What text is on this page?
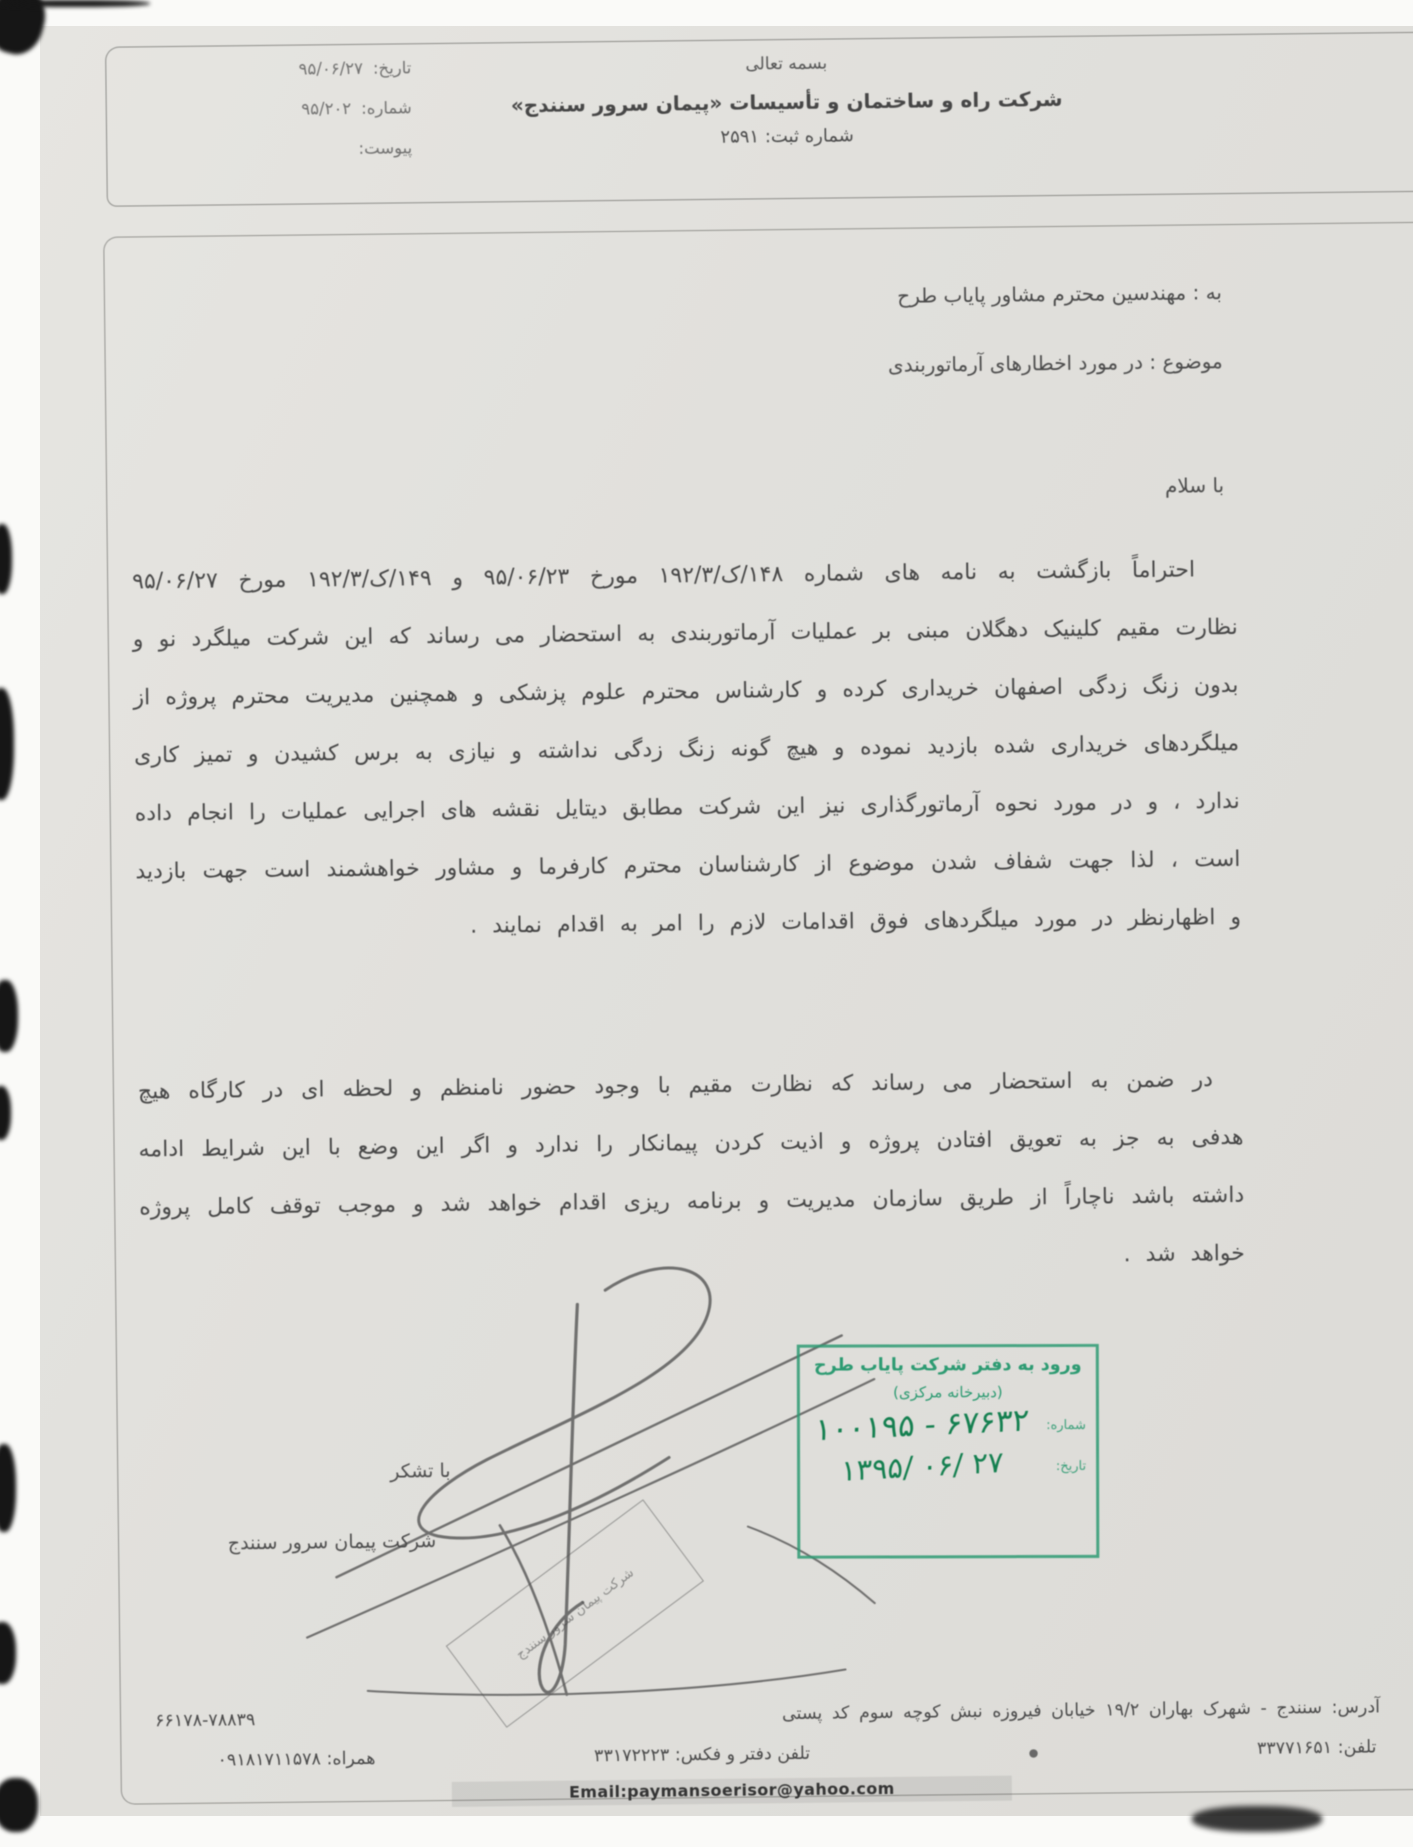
تاریخ:
۹۵/۰۶/۲۷
شماره:
۹۵/۲۰۲
پیوست:
بسمه تعالی
شرکت راه و ساختمان و تأسیسات «پیمان سرور سنندج»
شماره ثبت: ۲۵۹۱
به : مهندسین محترم مشاور پایاب طرح
موضوع : در مورد اخطارهای آرماتوربندی
با سلام
احتراماً بازگشت به نامه های شماره ۱۴۸/ک/۱۹۲/۳ مورخ ۹۵/۰۶/۲۳ و ۱۴۹/ک/۱۹۲/۳ مورخ ۹۵/۰۶/۲۷ نظارت مقیم کلینیک دهگلان مبنی بر عملیات آرماتوربندی به استحضار می رساند که این شرکت میلگرد نو و بدون زنگ زدگی اصفهان خریداری کرده و کارشناس محترم علوم پزشکی و همچنین مدیریت محترم پروژه از میلگردهای خریداری شده بازدید نموده و هیچ گونه زنگ زدگی نداشته و نیازی به برس کشیدن و تمیز کاری ندارد ، و در مورد نحوه آرماتورگذاری نیز این شرکت مطابق دیتایل نقشه های اجرایی عملیات را انجام داده است ، لذا جهت شفاف شدن موضوع از کارشناسان محترم کارفرما و مشاور خواهشمند است جهت بازدید و اظهارنظر در مورد میلگردهای فوق اقدامات لازم را امر به اقدام نمایند .
در ضمن به استحضار می رساند که نظارت مقیم با وجود حضور نامنظم و لحظه ای در کارگاه هیچ هدفی به جز به تعویق افتادن پروژه و اذیت کردن پیمانکار را ندارد و اگر این وضع با این شرایط ادامه داشته باشد ناچاراً از طریق سازمان مدیریت و برنامه ریزی اقدام خواهد شد و موجب توقف کامل پروژه خواهد شد .
با تشکر
شرکت پیمان سرور سنندج
شرکت پیمان سرور سنندج
ورود به دفتر شرکت پایاب طرح
(دبیرخانه مرکزی)
شماره:
۱۰۰۱۹۵ - ۶۷۶۳۲
تاریخ:
۱۳۹۵/ ۰۶/ ۲۷
آدرس: سنندج - شهرک بهاران ۱۹/۲ خیابان فیروزه نبش کوچه سوم کد پستی
۶۶۱۷۸-۷۸۸۳۹
تلفن: ۳۳۷۷۱۶۵۱
●
تلفن دفتر و فکس: ۳۳۱۷۲۲۲۳
همراه: ۰۹۱۸۱۷۱۱۵۷۸
Email:paymansoerisor@yahoo.com
